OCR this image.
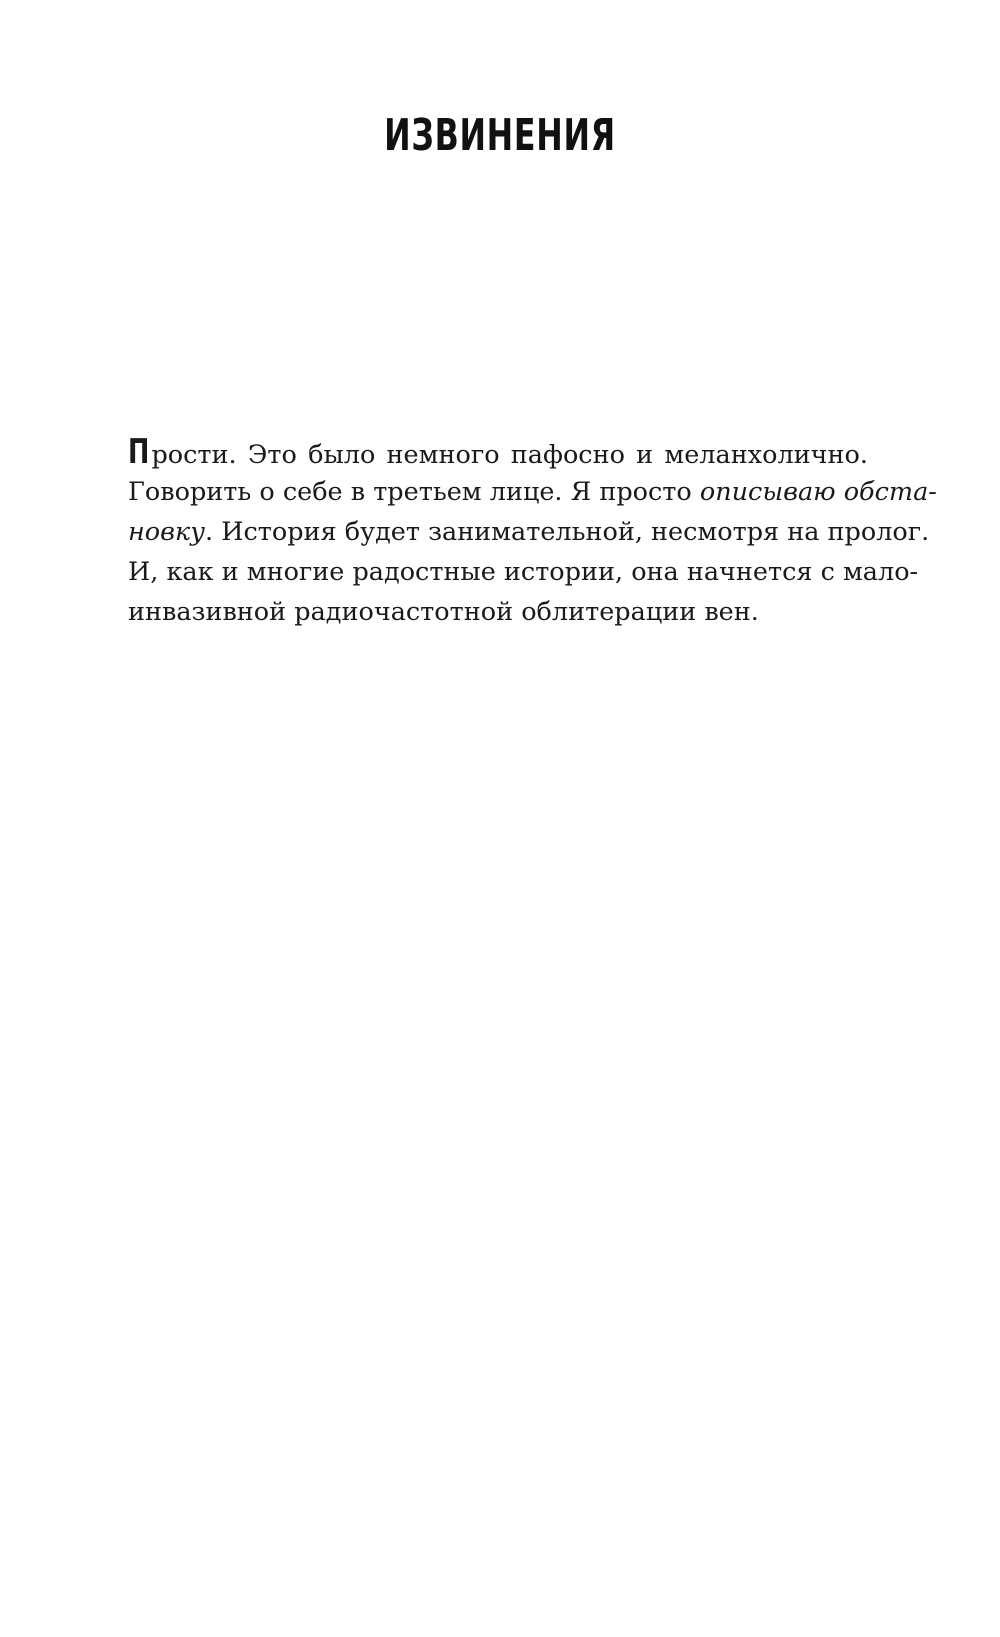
ИЗВИНЕНИЯ
Прости. Это было немного пафосно и меланхолично.
Говорить о себе в третьем лице. Я просто описываю обста-
новку. История будет занимательной, несмотря на пролог.
И, как и многие радостные истории, она начнется с мало-
инвазивной радиочастотной облитерации вен.
